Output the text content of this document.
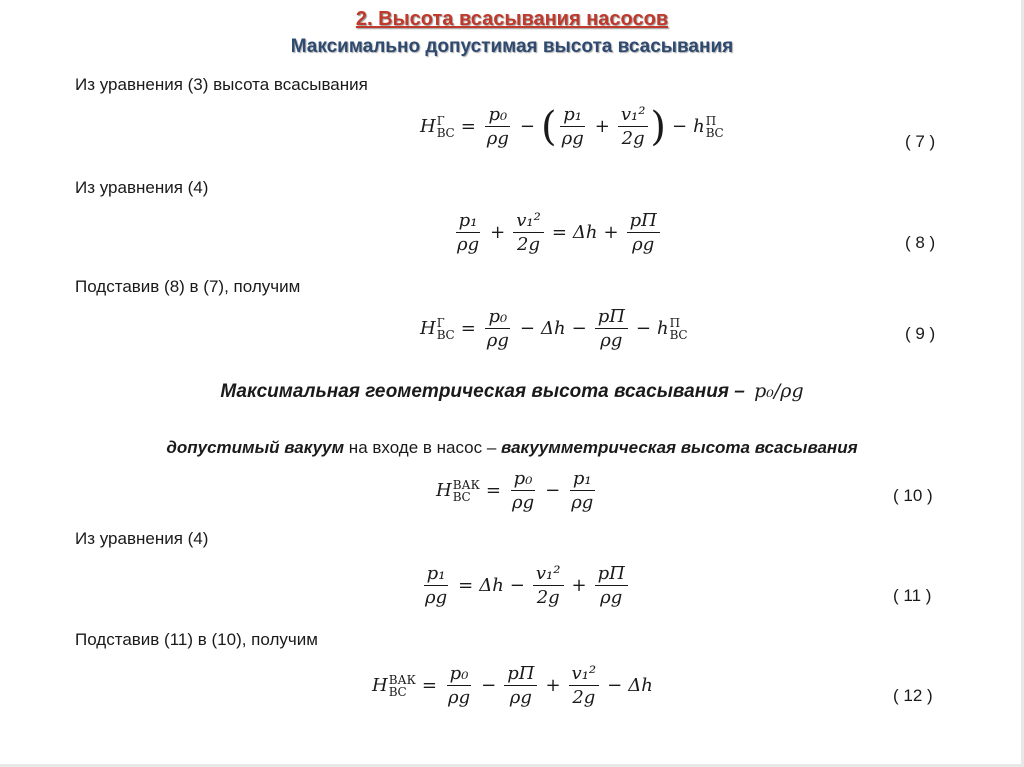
2. Высота всасывания насосов
Максимально допустимая высота всасывания
Из уравнения (3) высота всасывания
H Г
ВС = $\frac{\text{p₀}}{\rho g}$ − ( $\frac{\text{p₁}}{\rho g} + \frac{\text{v₁²}}{2g}$ ) − h П
ВС	( 7 )
Из уравнения (4)
$\frac{\text{p₁}}{\rho g} + \frac{\text{v₁²}}{2g} = \Delta h + \frac{pП}{\rho g}$	( 8 )
Подставив (8) в (7), получим
H Г
ВС = $\frac{\text{p₀}}{\rho g} - \Delta h - \frac{pП}{\rho g} - h$ П
ВС	( 9 )
Максимальная геометрическая высота всасывания – p₀/ρg
допустимый вакуум на входе в насос – вакуумметрическая высота всасывания
H ВАК
ВС = $\frac{\text{p₀}}{\rho g} - \frac{\text{p₁}}{\rho g}$	( 10 )
Из уравнения (4)
$\frac{\text{p₁}}{\rho g} = \Delta h - \frac{\text{v₁²}}{2g} + \frac{pП}{\rho g}$	( 11 )
Подставив (11) в (10), получим
H ВАК
ВС = $\frac{\text{p₀}}{\rho g} - \frac{pП}{\rho g} + \frac{\text{v₁²}}{2g} - \Delta h$	( 12 )
